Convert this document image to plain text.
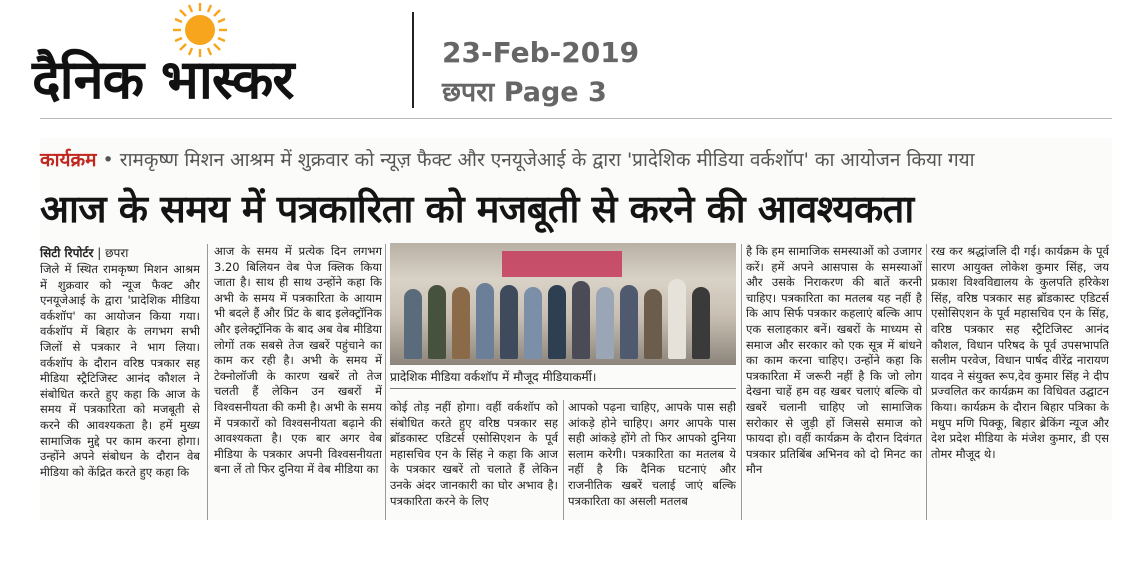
दैनिक भास्कर	23-Feb-2019
छपरा Page 3
कार्यक्रम • रामकृष्ण मिशन आश्रम में शुक्रवार को न्यूज़ फैक्ट और एनयूजेआई के द्वारा 'प्रादेशिक मीडिया वर्कशॉप' का आयोजन किया गया
आज के समय में पत्रकारिता को मजबूती से करने की आवश्यकता
सिटी रिपोर्टर | छपरा
जिले में स्थित रामकृष्ण मिशन आश्रम में शुक्रवार को न्यूज फैक्ट और एनयूजेआई के द्वारा 'प्रादेशिक मीडिया वर्कशॉप' का आयोजन किया गया। वर्कशॉप में बिहार के लगभग सभी जिलों से पत्रकार ने भाग लिया। वर्कशॉप के दौरान वरिष्ठ पत्रकार सह मीडिया स्ट्रैटिजिस्ट आनंद कौशल ने संबोधित करते हुए कहा कि आज के समय में पत्रकारिता को मजबूती से करने की आवश्यकता है। हमें मुख्य सामाजिक मुद्दे पर काम करना होगा। उन्होंने अपने संबोधन के दौरान वेब मीडिया को केंद्रित करते हुए कहा कि
आज के समय में प्रत्येक दिन लगभग 3.20 बिलियन वेब पेज क्लिक किया जाता है। साथ ही साथ उन्होंने कहा कि अभी के समय में पत्रकारिता के आयाम भी बदले हैं और प्रिंट के बाद इलेक्ट्रॉनिक और इलेक्ट्रॉनिक के बाद अब वेब मीडिया लोगों तक सबसे तेज खबरें पहुंचाने का काम कर रही है। अभी के समय में टेक्नोलॉजी के कारण खबरें तो तेज चलती हैं लेकिन उन खबरों में विश्वसनीयता की कमी है। अभी के समय में पत्रकारों को विश्वसनीयता बढ़ाने की आवश्यकता है। एक बार अगर वेब मीडिया के पत्रकार अपनी विश्वसनीयता बना लें तो फिर दुनिया में वेब मीडिया का
प्रादेशिक मीडिया वर्कशॉप में मौजूद मीडियाकर्मी।
कोई तोड़ नहीं होगा। वहीं वर्कशॉप को संबोधित करते हुए वरिष्ठ पत्रकार सह ब्रॉडकास्ट एडिटर्स एसोसिएशन के पूर्व महासचिव एन के सिंह ने कहा कि आज के पत्रकार खबरें तो चलाते हैं लेकिन उनके अंदर जानकारी का घोर अभाव है। पत्रकारिता करने के लिए
आपको पढ़ना चाहिए, आपके पास सही आंकड़े होने चाहिए। अगर आपके पास सही आंकड़े होंगे तो फिर आपको दुनिया सलाम करेगी। पत्रकारिता का मतलब ये नहीं है कि दैनिक घटनाएं और राजनीतिक खबरें चलाई जाएं बल्कि पत्रकारिता का असली मतलब
है कि हम सामाजिक समस्याओं को उजागर करें। हमें अपने आसपास के समस्याओं और उसके निराकरण की बातें करनी चाहिए। पत्रकारिता का मतलब यह नहीं है कि आप सिर्फ पत्रकार कहलाएं बल्कि आप एक सलाहकार बनें। खबरों के माध्यम से समाज और सरकार को एक सूत्र में बांधने का काम करना चाहिए। उन्होंने कहा कि पत्रकारिता में जरूरी नहीं है कि जो लोग देखना चाहें हम वह खबर चलाएं बल्कि वो खबरें चलानी चाहिए जो सामाजिक सरोकार से जुड़ी हों जिससे समाज को फायदा हो। वहीं कार्यक्रम के दौरान दिवंगत पत्रकार प्रतिबिंब अभिनव को दो मिनट का मौन
रख कर श्रद्धांजलि दी गई। कार्यक्रम के पूर्व सारण आयुक्त लोकेश कुमार सिंह, जय प्रकाश विश्वविद्यालय के कुलपति हरिकेश सिंह, वरिष्ठ पत्रकार सह ब्रॉडकास्ट एडिटर्स एसोसिएशन के पूर्व महासचिव एन के सिंह, वरिष्ठ पत्रकार सह स्ट्रैटिजिस्ट आनंद कौशल, विधान परिषद के पूर्व उपसभापति सलीम परवेज, विधान पार्षद वीरेंद्र नारायण यादव ने संयुक्त रूप,देव कुमार सिंह ने दीप प्रज्वलित कर कार्यक्रम का विधिवत उद्घाटन किया। कार्यक्रम के दौरान बिहार पत्रिका के मधुप मणि पिक्कू, बिहार ब्रेकिंग न्यूज और देश प्रदेश मीडिया के मंजेश कुमार, डी एस तोमर मौजूद थे।
